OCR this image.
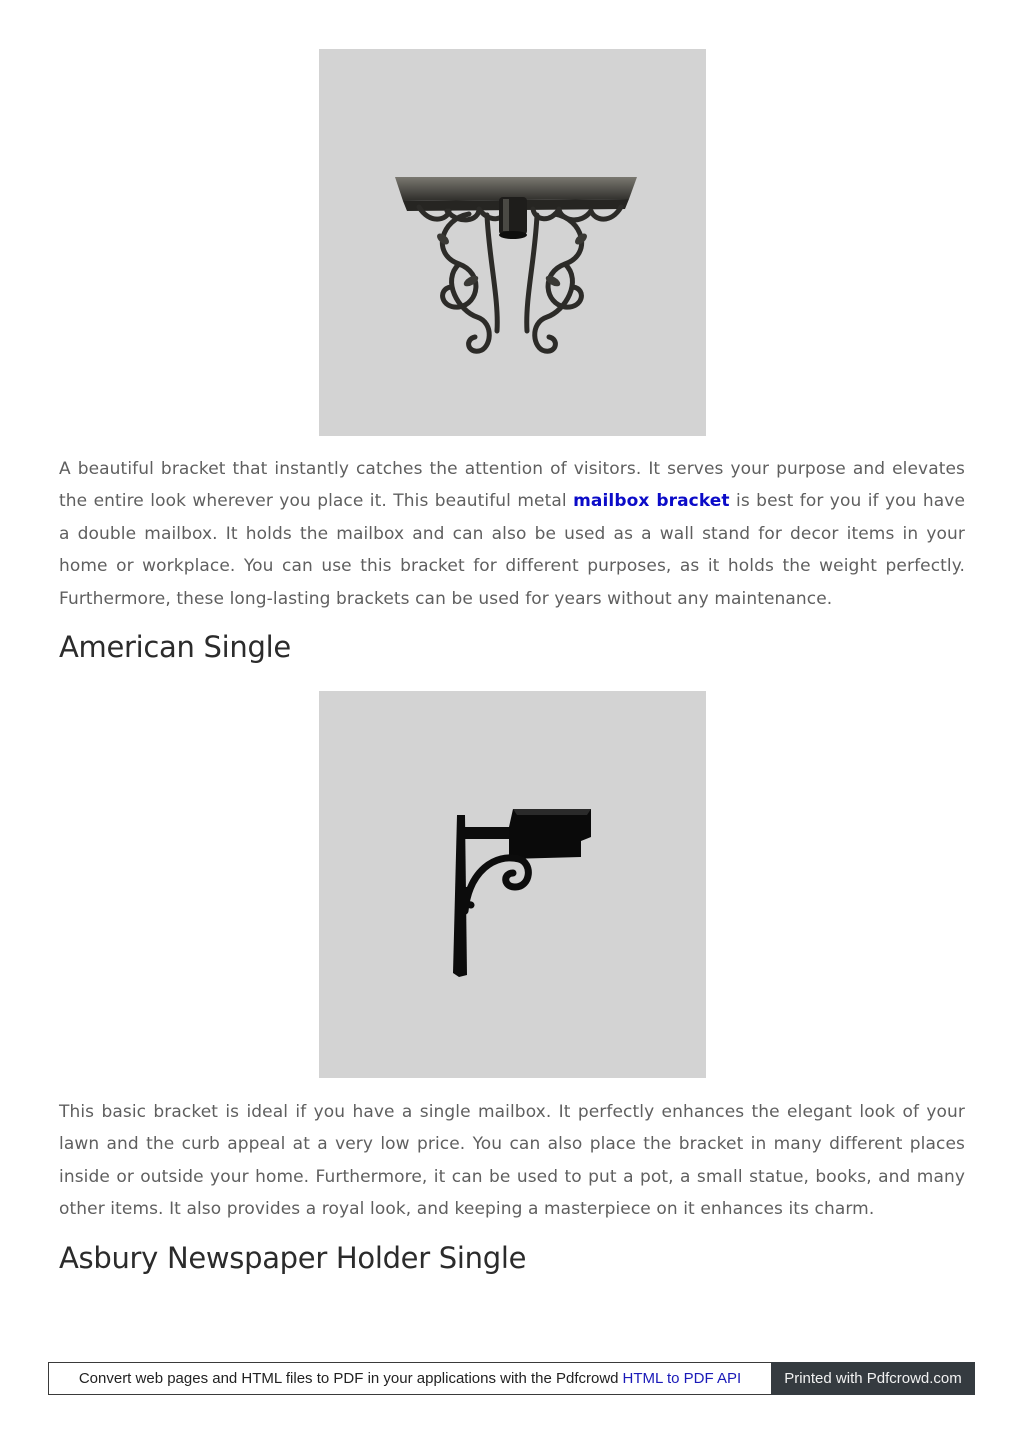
A beautiful bracket that instantly catches the attention of visitors. It serves your purpose and elevates the entire look wherever you place it. This beautiful metal mailbox bracket is best for you if you have a double mailbox. It holds the mailbox and can also be used as a wall stand for decor items in your home or workplace. You can use this bracket for different purposes, as it holds the weight perfectly. Furthermore, these long-lasting brackets can be used for years without any maintenance.

American Single

This basic bracket is ideal if you have a single mailbox. It perfectly enhances the elegant look of your lawn and the curb appeal at a very low price. You can also place the bracket in many different places inside or outside your home. Furthermore, it can be used to put a pot, a small statue, books, and many other items. It also provides a royal look, and keeping a masterpiece on it enhances its charm.

Asbury Newspaper Holder Single
Convert web pages and HTML files to PDF in your applications with the Pdfcrowd HTML to PDF API	Printed with Pdfcrowd.com
